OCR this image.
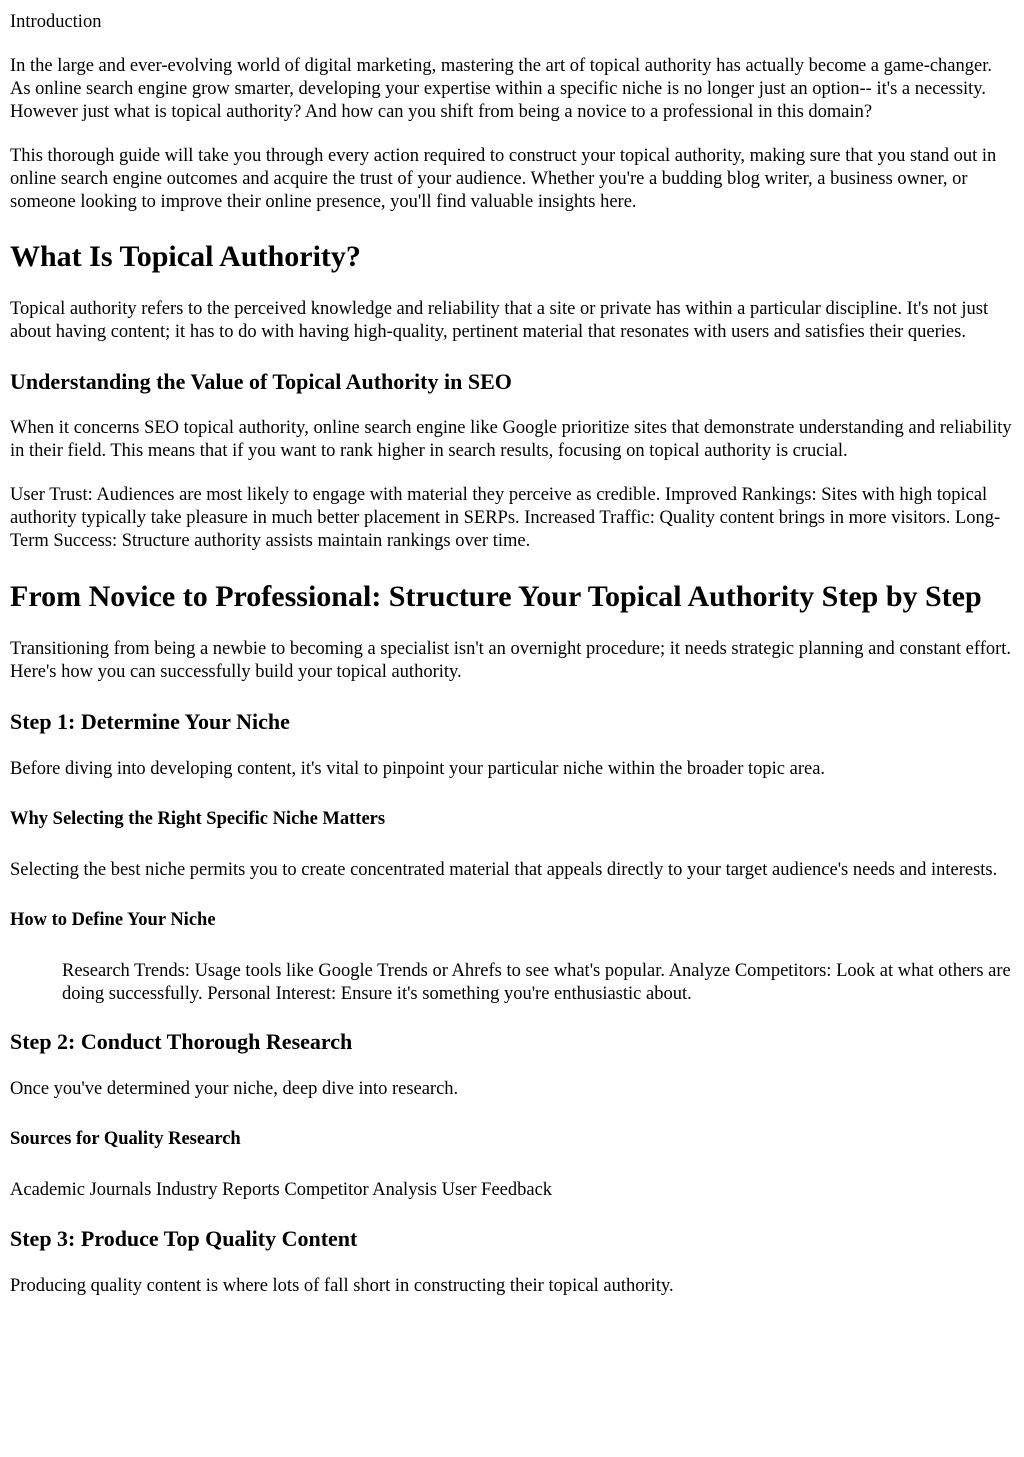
Introduction

In the large and ever-evolving world of digital marketing, mastering the art of topical authority has actually become a game-changer. As online search engine grow smarter, developing your expertise within a specific niche is no longer just an option-- it's a necessity. However just what is topical authority? And how can you shift from being a novice to a professional in this domain?

This thorough guide will take you through every action required to construct your topical authority, making sure that you stand out in online search engine outcomes and acquire the trust of your audience. Whether you're a budding blog writer, a business owner, or someone looking to improve their online presence, you'll find valuable insights here.

What Is Topical Authority?

Topical authority refers to the perceived knowledge and reliability that a site or private has within a particular discipline. It's not just about having content; it has to do with having high-quality, pertinent material that resonates with users and satisfies their queries.

Understanding the Value of Topical Authority in SEO

When it concerns SEO topical authority, online search engine like Google prioritize sites that demonstrate understanding and reliability in their field. This means that if you want to rank higher in search results, focusing on topical authority is crucial.

User Trust: Audiences are most likely to engage with material they perceive as credible. Improved Rankings: Sites with high topical authority typically take pleasure in much better placement in SERPs. Increased Traffic: Quality content brings in more visitors. Long-Term Success: Structure authority assists maintain rankings over time.

From Novice to Professional: Structure Your Topical Authority Step by Step

Transitioning from being a newbie to becoming a specialist isn't an overnight procedure; it needs strategic planning and constant effort. Here's how you can successfully build your topical authority.

Step 1: Determine Your Niche

Before diving into developing content, it's vital to pinpoint your particular niche within the broader topic area.

Why Selecting the Right Specific Niche Matters

Selecting the best niche permits you to create concentrated material that appeals directly to your target audience's needs and interests.

How to Define Your Niche

Research Trends: Usage tools like Google Trends or Ahrefs to see what's popular. Analyze Competitors: Look at what others are doing successfully. Personal Interest: Ensure it's something you're enthusiastic about.

Step 2: Conduct Thorough Research

Once you've determined your niche, deep dive into research.

Sources for Quality Research

Academic Journals Industry Reports Competitor Analysis User Feedback

Step 3: Produce Top Quality Content

Producing quality content is where lots of fall short in constructing their topical authority.
